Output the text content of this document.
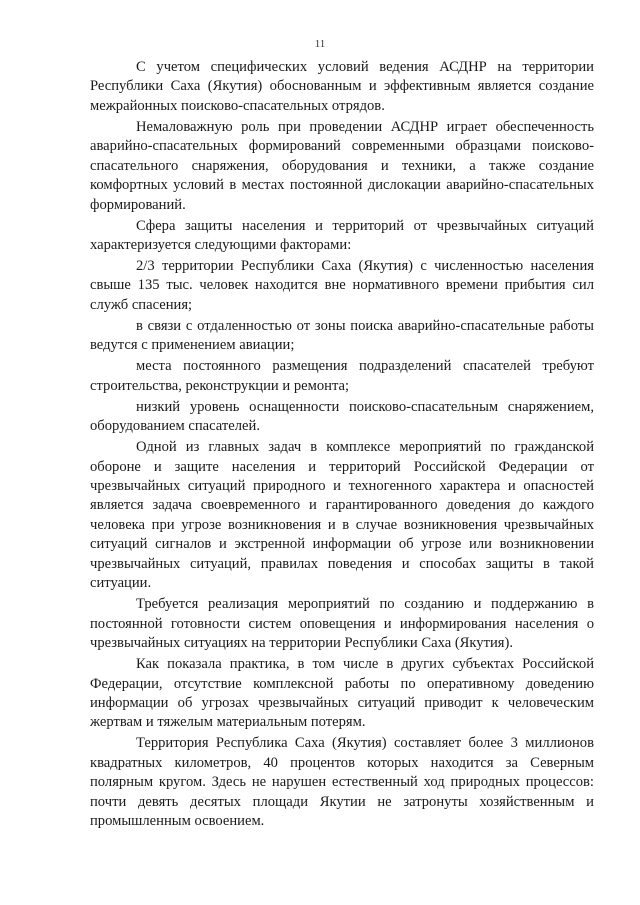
11

С учетом специфических условий ведения АСДНР на территории Республики Саха (Якутия) обоснованным и эффективным является создание межрайонных поисково-спасательных отрядов.

Немаловажную роль при проведении АСДНР играет обеспеченность аварийно-спасательных формирований современными образцами поисково-спасательного снаряжения, оборудования и техники, а также создание комфортных условий в местах постоянной дислокации аварийно-спасательных формирований.

Сфера защиты населения и территорий от чрезвычайных ситуаций характеризуется следующими факторами:

2/3 территории Республики Саха (Якутия) с численностью населения свыше 135 тыс. человек находится вне нормативного времени прибытия сил служб спасения;

в связи с отдаленностью от зоны поиска аварийно-спасательные работы ведутся с применением авиации;

места постоянного размещения подразделений спасателей требуют строительства, реконструкции и ремонта;

низкий уровень оснащенности поисково-спасательным снаряжением, оборудованием спасателей.

Одной из главных задач в комплексе мероприятий по гражданской обороне и защите населения и территорий Российской Федерации от чрезвычайных ситуаций природного и техногенного характера и опасностей является задача своевременного и гарантированного доведения до каждого человека при угрозе возникновения и в случае возникновения чрезвычайных ситуаций сигналов и экстренной информации об угрозе или возникновении чрезвычайных ситуаций, правилах поведения и способах защиты в такой ситуации.

Требуется реализация мероприятий по созданию и поддержанию в постоянной готовности систем оповещения и информирования населения о чрезвычайных ситуациях на территории Республики Саха (Якутия).

Как показала практика, в том числе в других субъектах Российской Федерации, отсутствие комплексной работы по оперативному доведению информации об угрозах чрезвычайных ситуаций приводит к человеческим жертвам и тяжелым материальным потерям.

Территория Республика Саха (Якутия) составляет более 3 миллионов квадратных километров, 40 процентов которых находится за Северным полярным кругом. Здесь не нарушен естественный ход природных процессов: почти девять десятых площади Якутии не затронуты хозяйственным и промышленным освоением.
